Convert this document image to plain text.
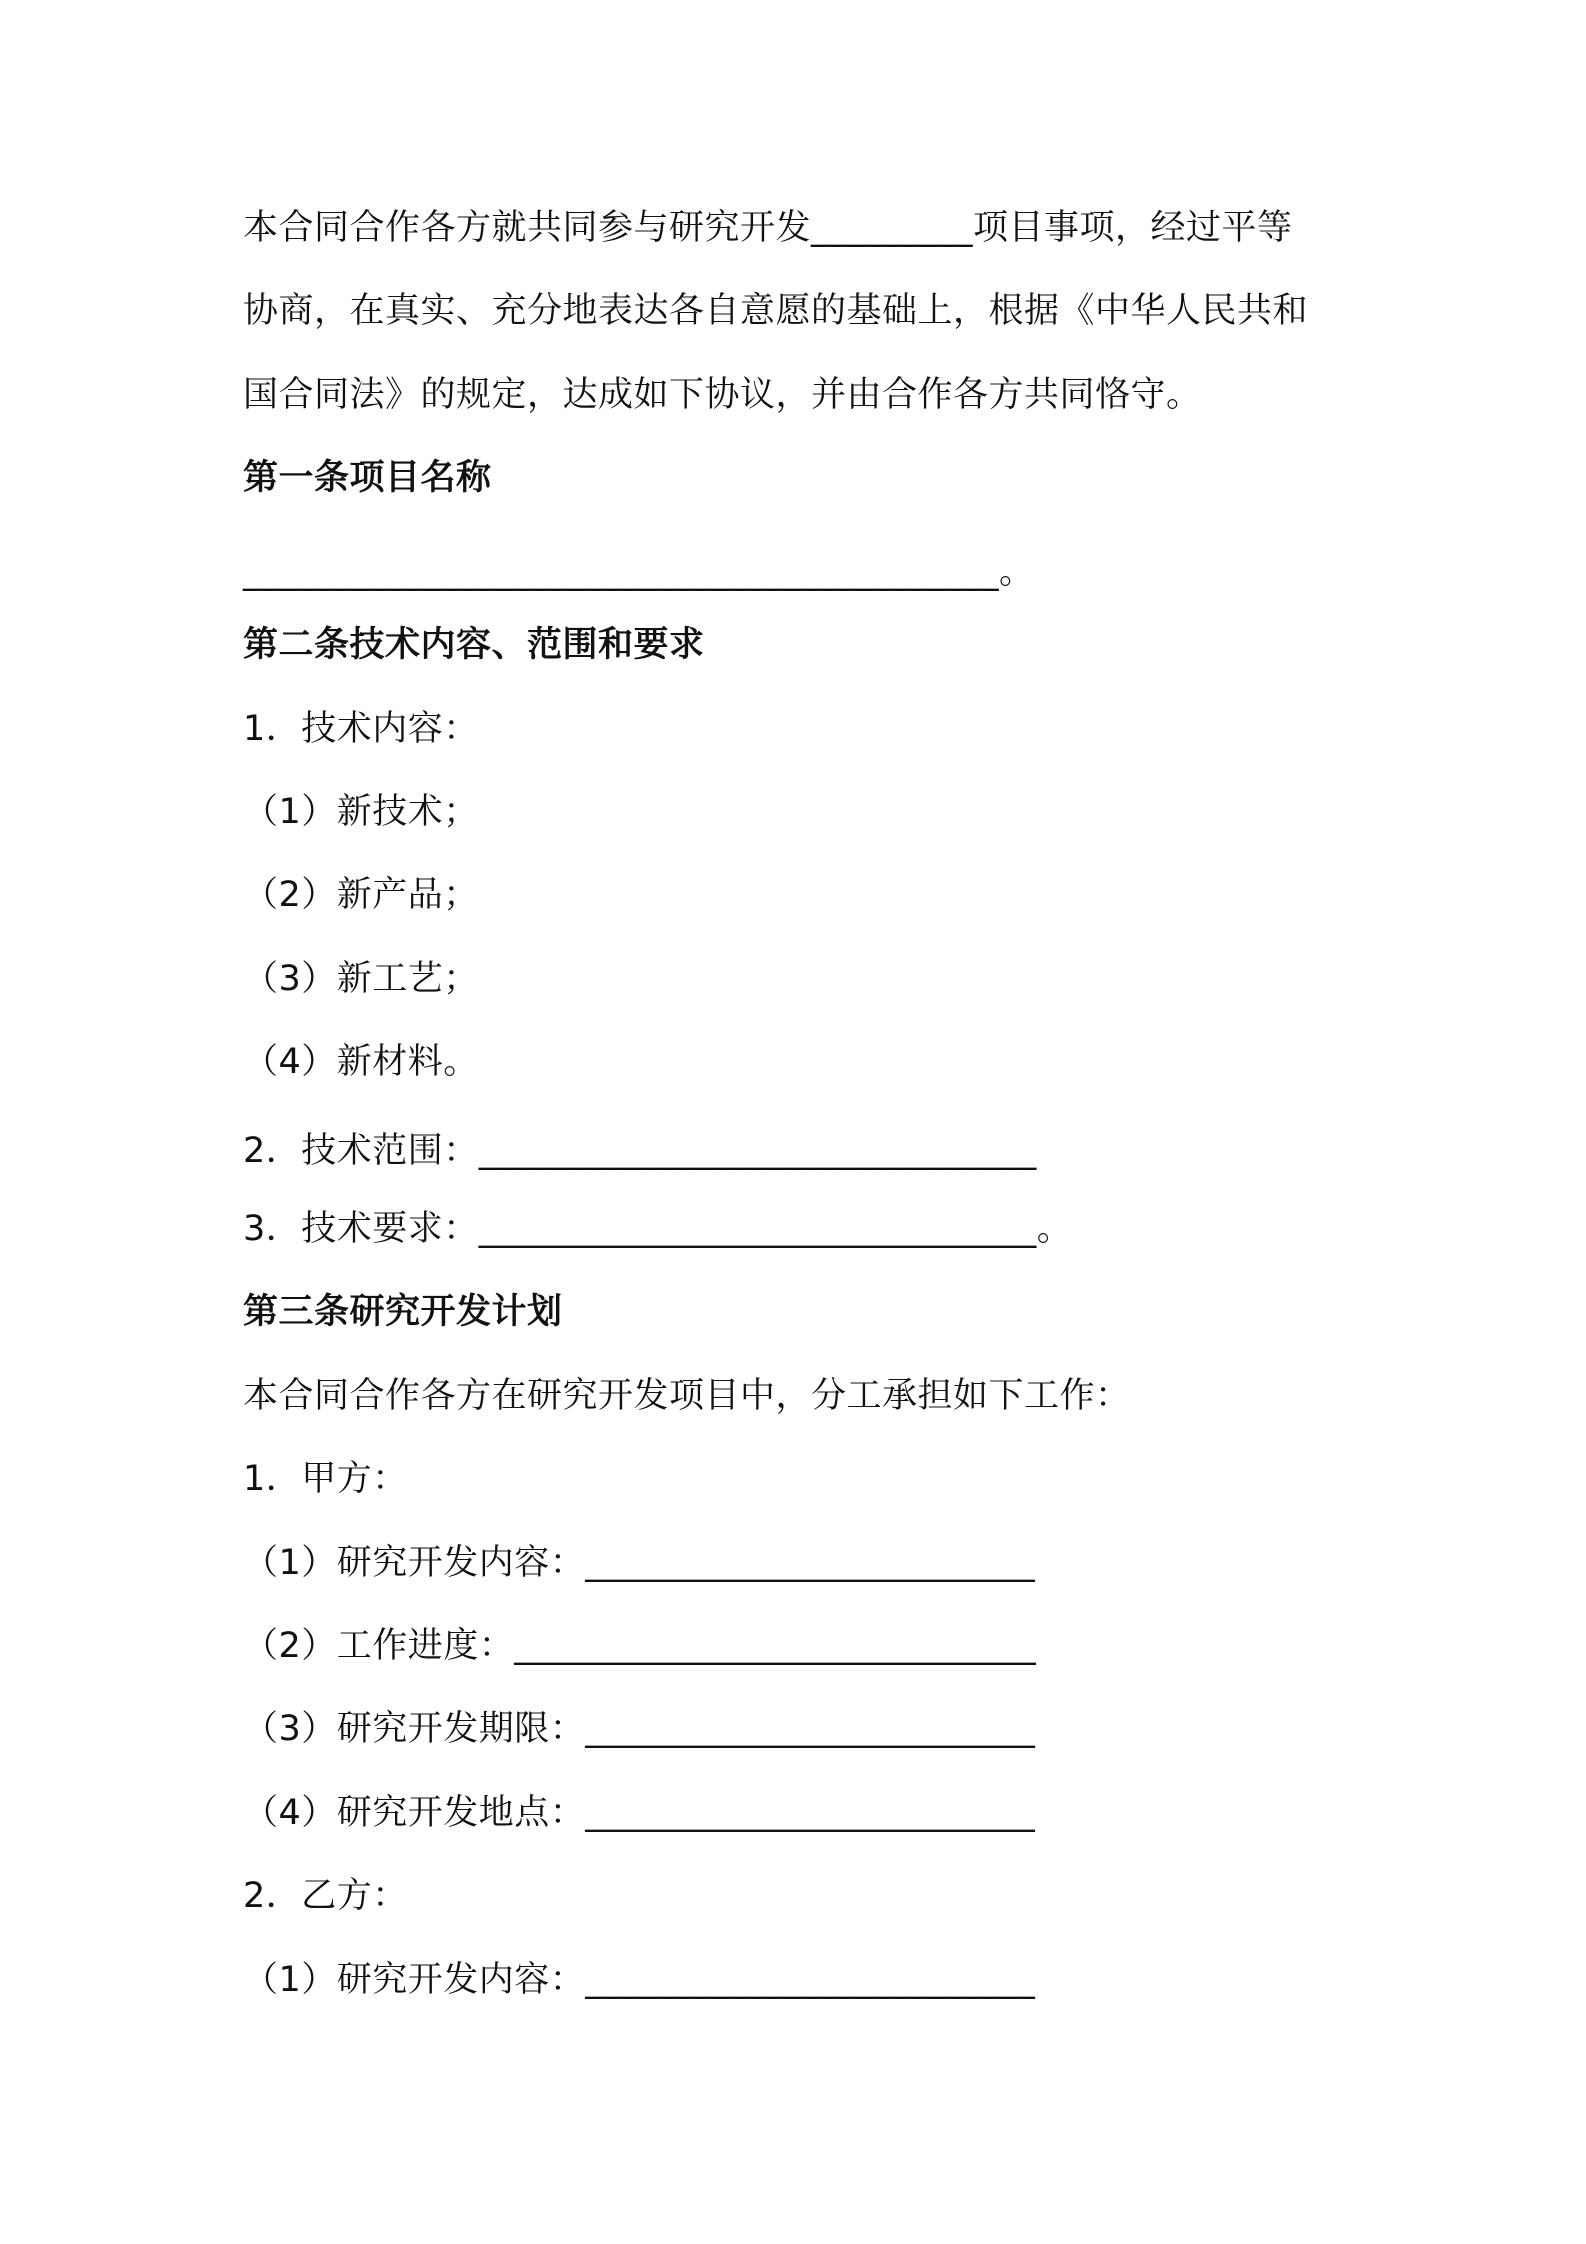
本合同合作各方就共同参与研究开发_________项目事项，经过平等
协商，在真实、充分地表达各自意愿的基础上，根据《中华人民共和
国合同法》的规定，达成如下协议，并由合作各方共同恪守。
第一条项目名称
__________________________________________。
第二条技术内容、范围和要求
1．技术内容：
（1）新技术；
（2）新产品；
（3）新工艺；
（4）新材料。
2．技术范围：_______________________________
3．技术要求：_______________________________。
第三条研究开发计划
本合同合作各方在研究开发项目中，分工承担如下工作：
1．甲方：
（1）研究开发内容：_________________________
（2）工作进度：_____________________________
（3）研究开发期限：_________________________
（4）研究开发地点：_________________________
2．乙方：
（1）研究开发内容：_________________________
